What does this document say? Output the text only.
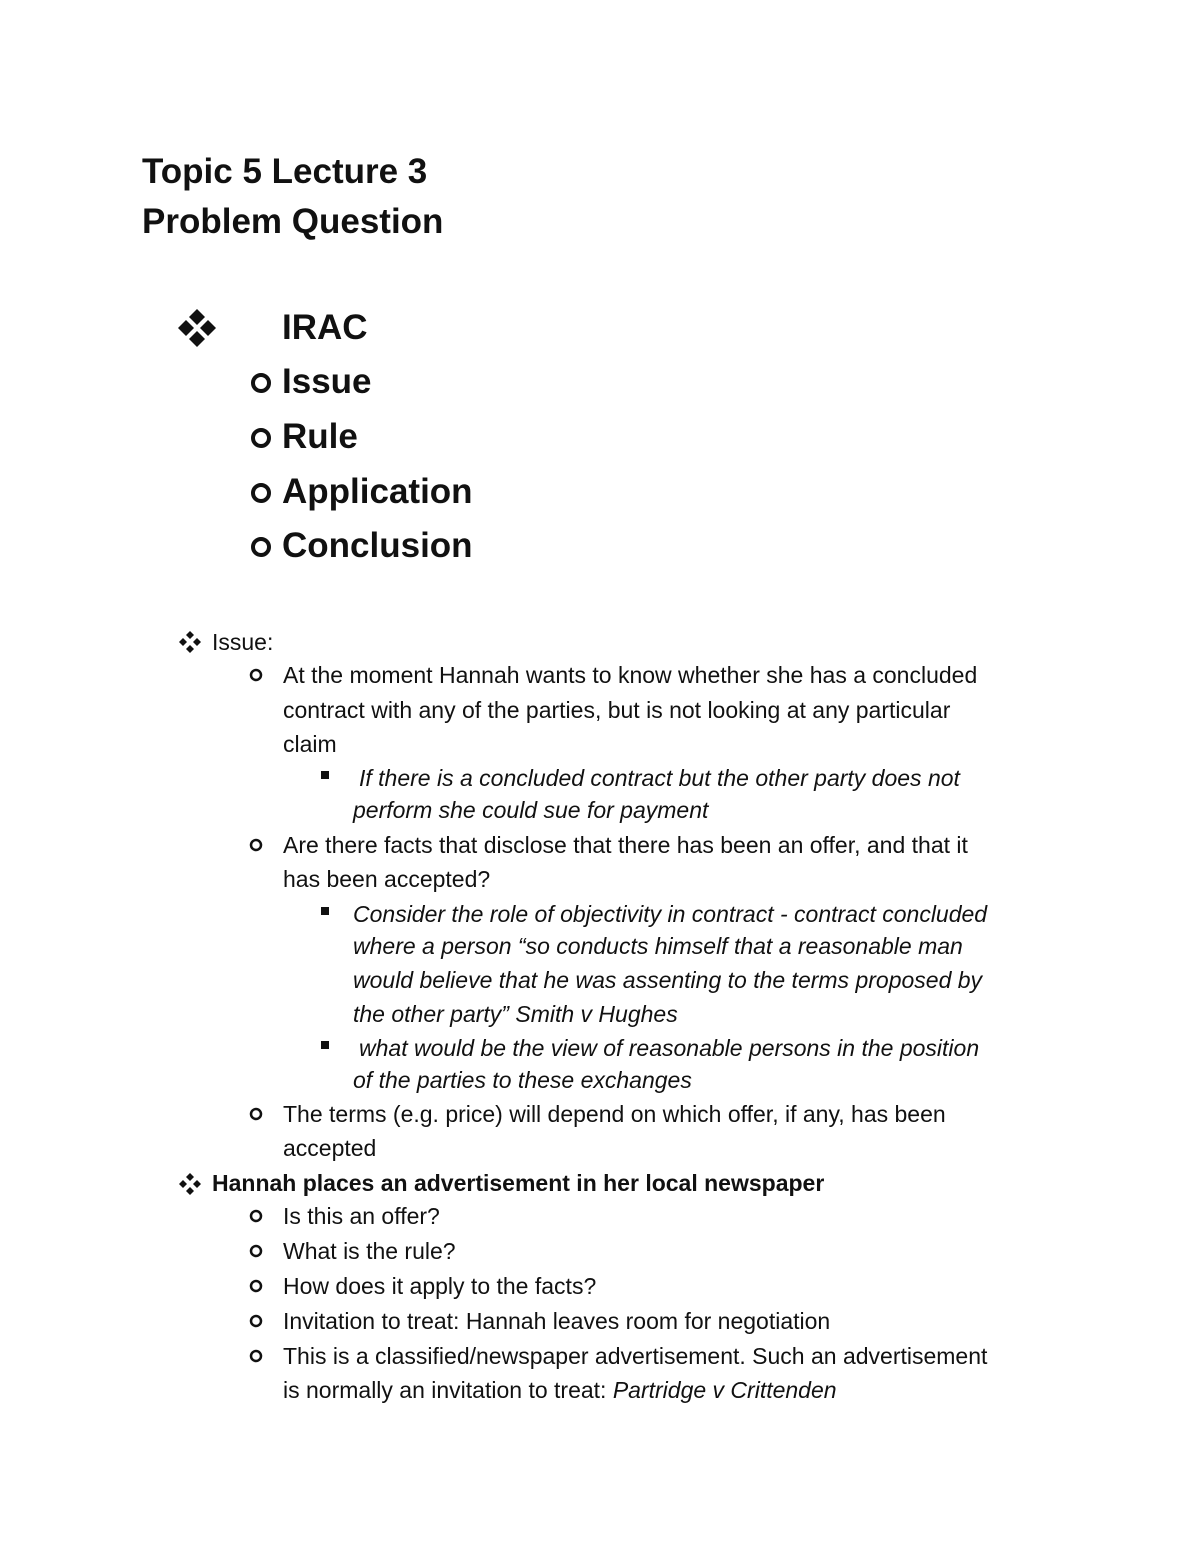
Topic 5 Lecture 3
Problem Question
IRAC
Issue
Rule
Application
Conclusion
Issue:
At the moment Hannah wants to know whether she has a concluded
contract with any of the parties, but is not looking at any particular
claim
If there is a concluded contract but the other party does not
perform she could sue for payment
Are there facts that disclose that there has been an offer, and that it
has been accepted?
Consider the role of objectivity in contract - contract concluded
where a person “so conducts himself that a reasonable man
would believe that he was assenting to the terms proposed by
the other party” Smith v Hughes
what would be the view of reasonable persons in the position
of the parties to these exchanges
The terms (e.g. price) will depend on which offer, if any, has been
accepted
Hannah places an advertisement in her local newspaper
Is this an offer?
What is the rule?
How does it apply to the facts?
Invitation to treat: Hannah leaves room for negotiation
This is a classified/newspaper advertisement. Such an advertisement
is normally an invitation to treat: Partridge v Crittenden
